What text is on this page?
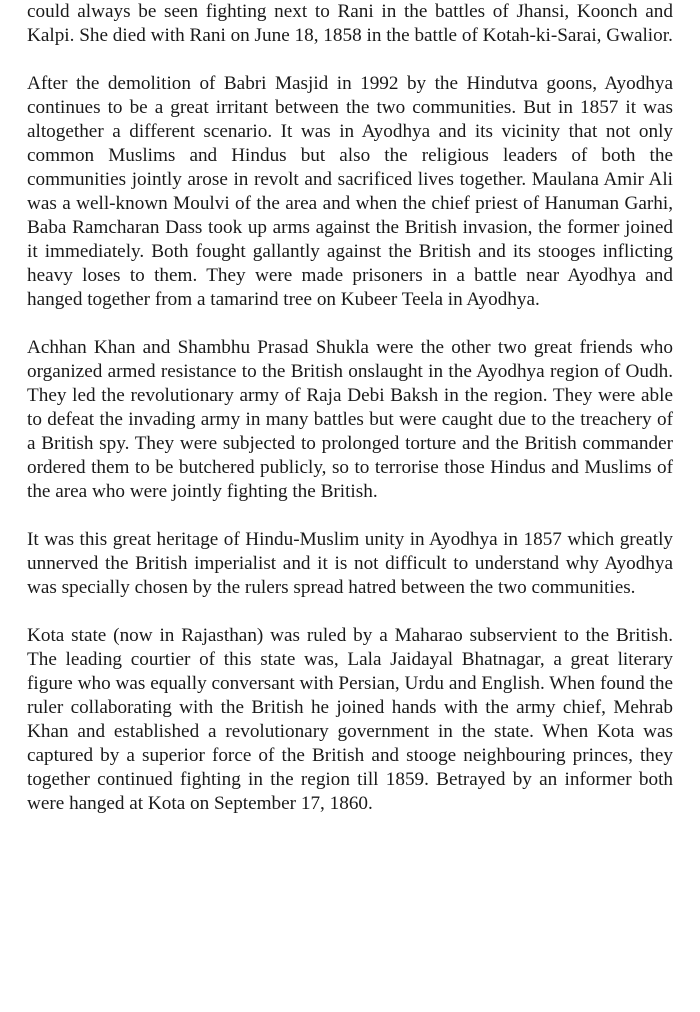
could always be seen fighting next to Rani in the battles of Jhansi, Koonch and Kalpi. She died with Rani on June 18, 1858 in the battle of Kotah-ki-Sarai, Gwalior.

After the demolition of Babri Masjid in 1992 by the Hindutva goons, Ayodhya continues to be a great irritant between the two communities. But in 1857 it was altogether a different scenario. It was in Ayodhya and its vicinity that not only common Muslims and Hindus but also the religious leaders of both the communities jointly arose in revolt and sacrificed lives together. Maulana Amir Ali was a well-known Moulvi of the area and when the chief priest of Hanuman Garhi, Baba Ramcharan Dass took up arms against the British invasion, the former joined it immediately. Both fought gallantly against the British and its stooges inflicting heavy loses to them. They were made prisoners in a battle near Ayodhya and hanged together from a tamarind tree on Kubeer Teela in Ayodhya.

Achhan Khan and Shambhu Prasad Shukla were the other two great friends who organized armed resistance to the British onslaught in the Ayodhya region of Oudh. They led the revolutionary army of Raja Debi Baksh in the region. They were able to defeat the invading army in many battles but were caught due to the treachery of a British spy. They were subjected to prolonged torture and the British commander ordered them to be butchered publicly, so to terrorise those Hindus and Muslims of the area who were jointly fighting the British.

It was this great heritage of Hindu-Muslim unity in Ayodhya in 1857 which greatly unnerved the British imperialist and it is not difficult to understand why Ayodhya was specially chosen by the rulers spread hatred between the two communities.

Kota state (now in Rajasthan) was ruled by a Maharao subservient to the British. The leading courtier of this state was, Lala Jaidayal Bhatnagar, a great literary figure who was equally conversant with Persian, Urdu and English. When found the ruler collaborating with the British he joined hands with the army chief, Mehrab Khan and established a revolutionary government in the state. When Kota was captured by a superior force of the British and stooge neighbouring princes, they together continued fighting in the region till 1859. Betrayed by an informer both were hanged at Kota on September 17, 1860.
